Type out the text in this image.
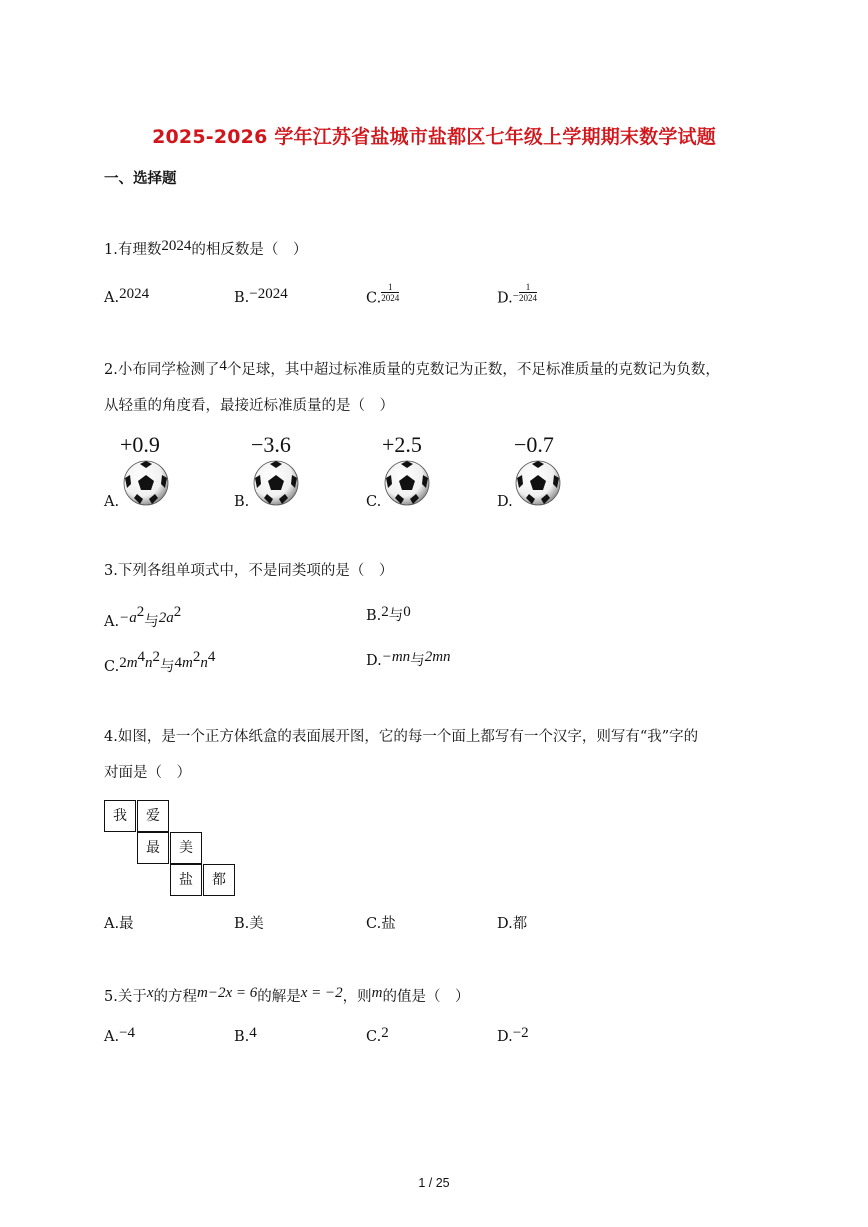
2025-2026 学年江苏省盐城市盐都区七年级上学期期末数学试题
一、选择题
1.有理数2024的相反数是（　）
A.2024	B.−2024	C. $\frac{1}{2024}$	$D.^- \frac{1}{2024}$
2.小布同学检测了4个足球，其中超过标准质量的克数记为正数，不足标准质量的克数记为负数，
从轻重的角度看，最接近标准质量的是（　）
A.
+0.9
B.
−3.6
C.
+2.5
D.
−0.7
3.下列各组单项式中，不是同类项的是（　）
$A.-a^2$与$2a^2$	B.2与0
$C.2m^4n^2$与$4m^2n^4$	D.−mn与2mn
4.如图，是一个正方体纸盒的表面展开图，它的每一个面上都写有一个汉字，则写有“我”字的
对面是（　）
我	爱
最	美
盐	都
A.最	B.美	C.盐	D.都
5.关于x的方程m−2x = 6的解是x = −2，则m的值是（　）
A.−4	B.4	C.2	D.−2
1 / 25
